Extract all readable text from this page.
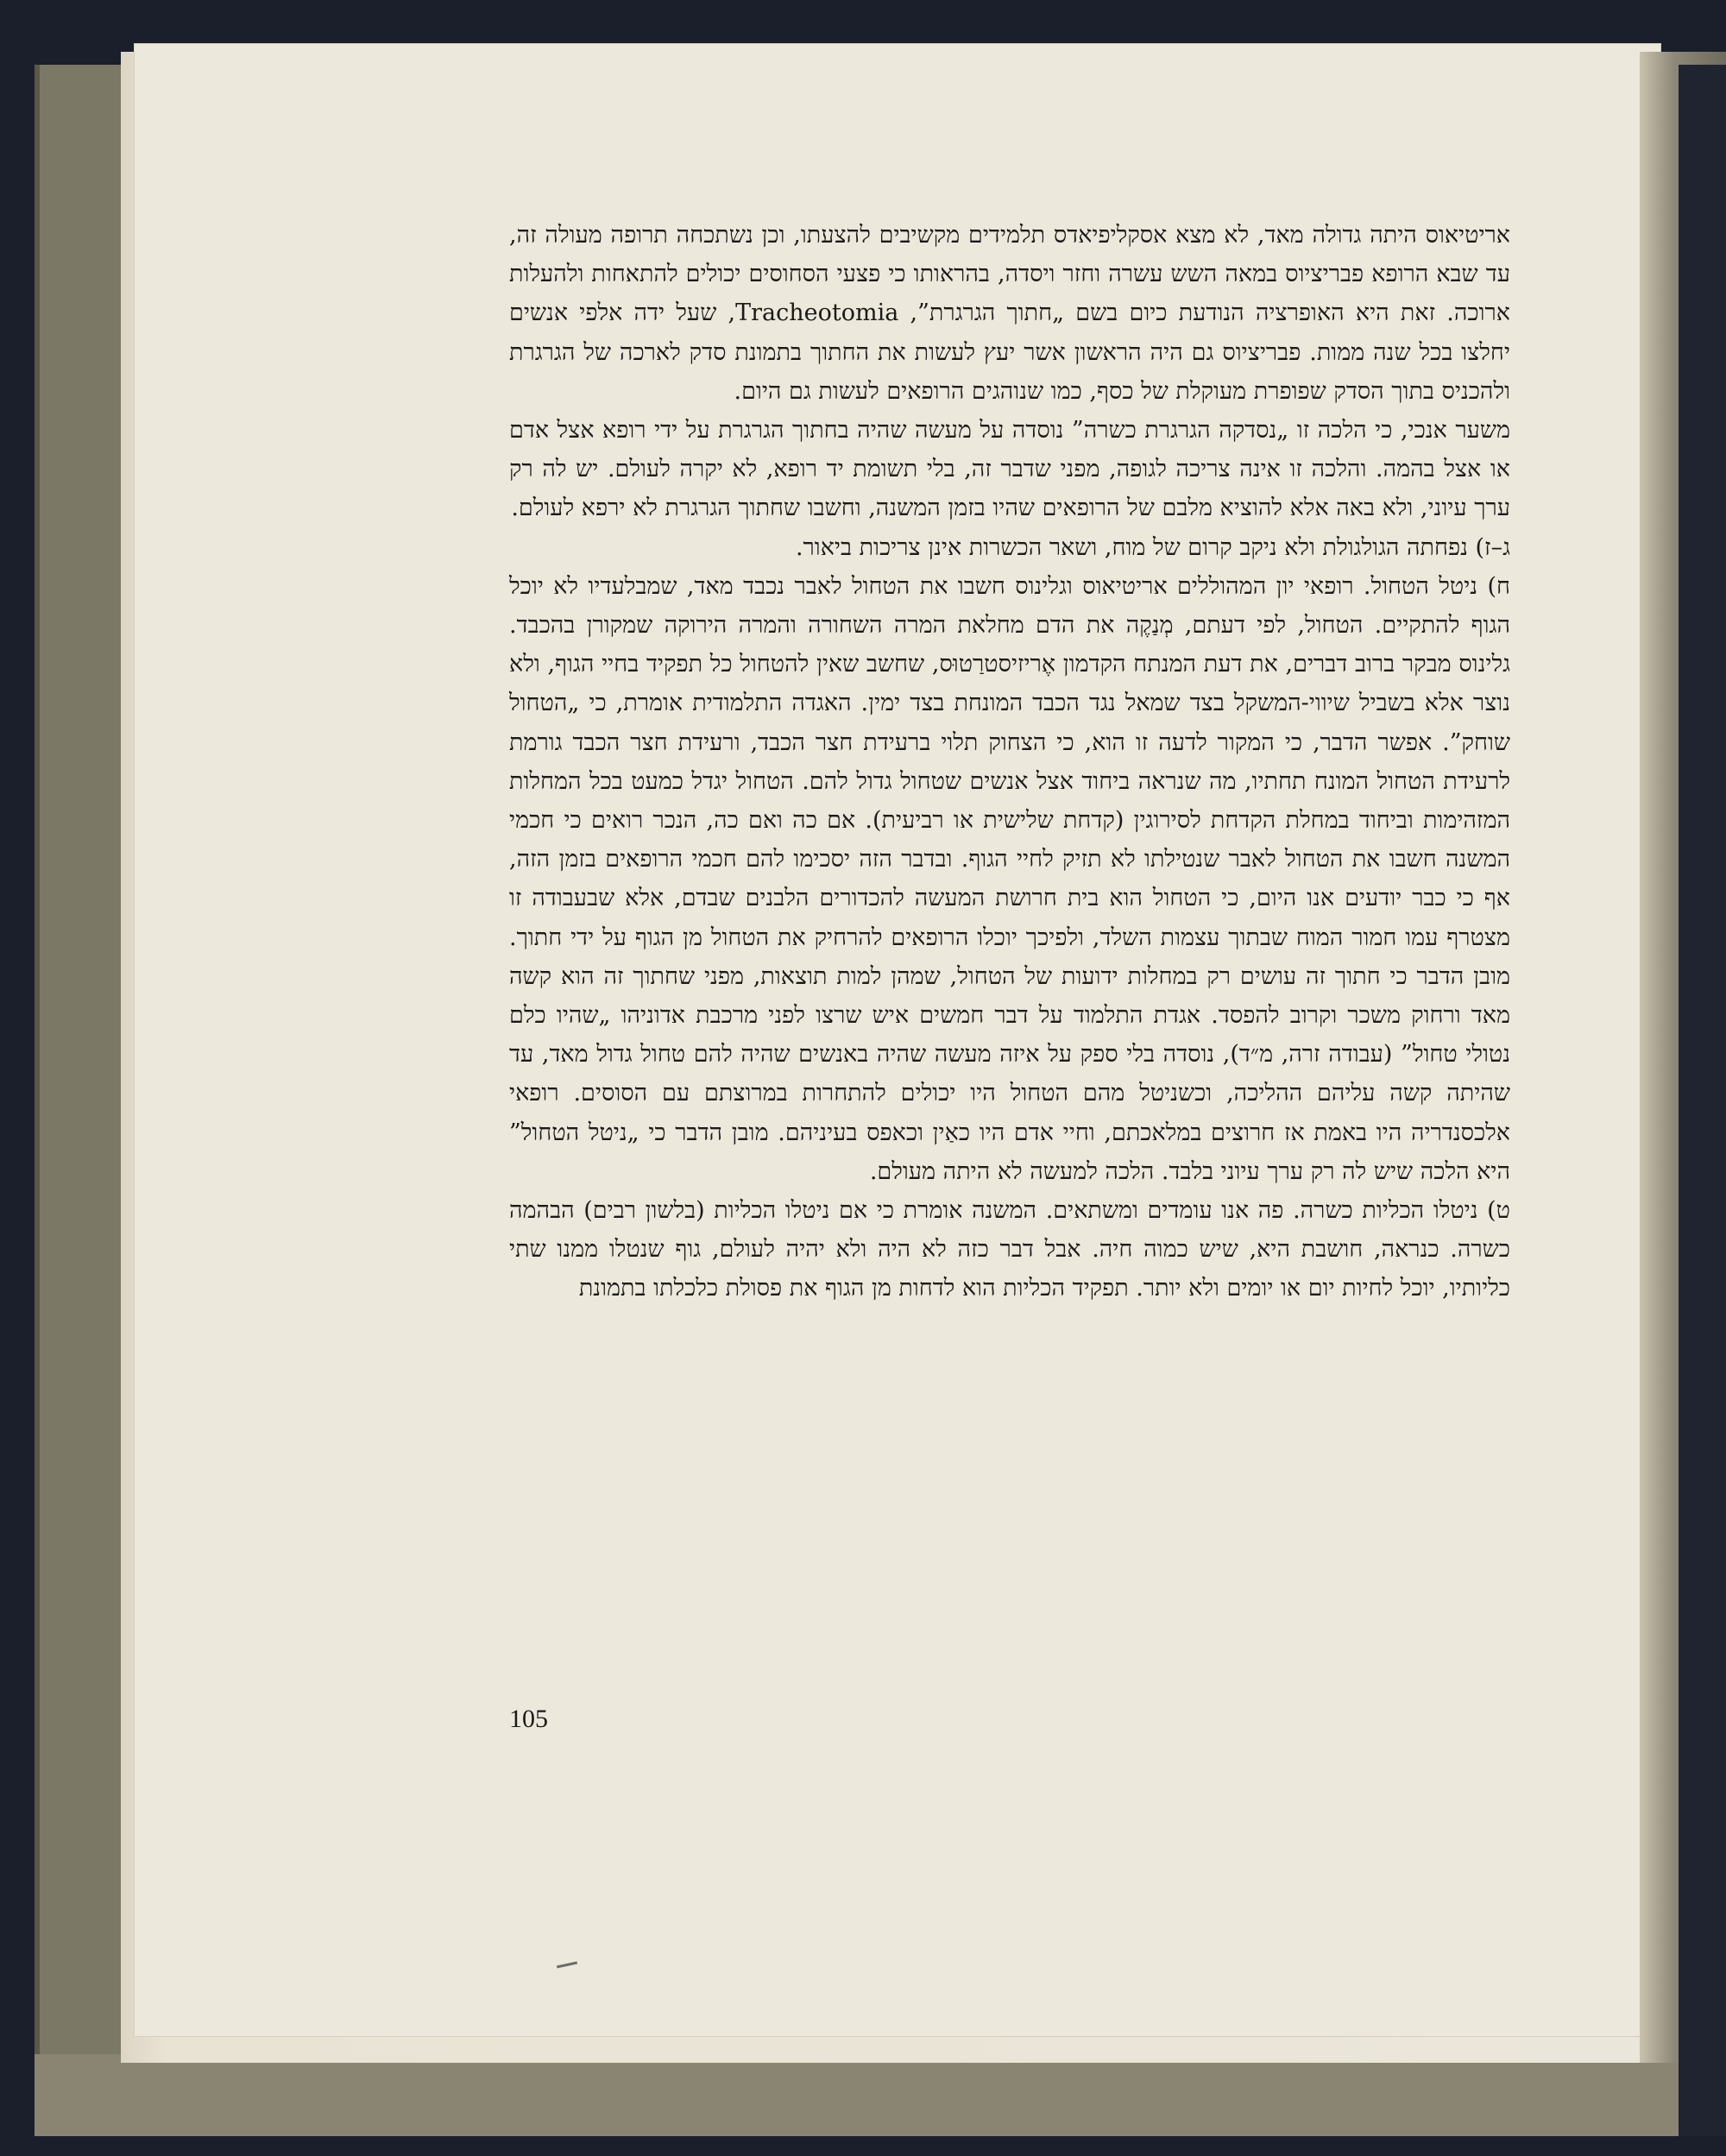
אריטיאוס היתה גדולה מאד, לא מצא אסקליפיאדס תלמידים מקשיבים להצעתו, וכן נשתכחה תרופה מעולה זה, עד שבא הרופא פבריציוס במאה השש עשרה וחזר ויסדה, בהראותו כי פצעי הסחוסים יכולים להתאחות ולהעלות ארוכה. זאת היא האופרציה הנודעת כיום בשם „חתוך הגרגרת”, Tracheotomia, שעל ידה אלפי אנשים יחלצו בכל שנה ממות. פבריציוס גם היה הראשון אשר יעץ לעשות את החתוך בתמונת סדק לארכה של הגרגרת ולהכניס בתוך הסדק שפופרת מעוקלת של כסף, כמו שנוהגים הרופאים לעשות גם היום.

משער אנכי, כי הלכה זו „נסדקה הגרגרת כשרה” נוסדה על מעשה שהיה בחתוך הגרגרת על ידי רופא אצל אדם או אצל בהמה. והלכה זו אינה צריכה לגופה, מפני שדבר זה, בלי תשומת יד רופא, לא יקרה לעולם. יש לה רק ערך עיוני, ולא באה אלא להוציא מלבם של הרופאים שהיו בזמן המשנה, וחשבו שחתוך הגרגרת לא ירפא לעולם.

ג–ז) נפחתה הגולגולת ולא ניקב קרום של מוח, ושאר הכשרות אינן צריכות ביאור.

ח) ניטל הטחול. רופאי יון המהוללים אריטיאוס וגלינוס חשבו את הטחול לאבר נכבד מאד, שמבלעדיו לא יוכל הגוף להתקיים. הטחול, לפי דעתם, מְנַקֶה את הדם מחלאת המרה השחורה והמרה הירוקה שמקורן בהכבד. גלינוס מבקר ברוב דברים, את דעת המנתח הקדמון אֶריזיסטרַטוּס, שחשב שאין להטחול כל תפקיד בחיי הגוף, ולא נוצר אלא בשביל שיווי-המשקל בצד שמאל נגד הכבד המונחת בצד ימין. האגדה התלמודית אומרת, כי „הטחול שוחק”. אפשר הדבר, כי המקור לדעה זו הוא, כי הצחוק תלוי ברעידת חצר הכבד, ורעידת חצר הכבד גורמת לרעידת הטחול המונח תחתיו, מה שנראה ביחוד אצל אנשים שטחול גדול להם. הטחול יגדל כמעט בכל המחלות המזהימות וביחוד במחלת הקדחת לסירוגין (קדחת שלישית או רביעית). אם כה ואם כה, הנכר רואים כי חכמי המשנה חשבו את הטחול לאבר שנטילתו לא תזיק לחיי הגוף. ובדבר הזה יסכימו להם חכמי הרופאים בזמן הזה, אף כי כבר יודעים אנו היום, כי הטחול הוא בית חרושת המעשה להכדורים הלבנים שבדם, אלא שבעבודה זו מצטרף עמו חמור המוח שבתוך עצמות השלד, ולפיכך יוכלו הרופאים להרחיק את הטחול מן הגוף על ידי חתוך. מובן הדבר כי חתוך זה עושים רק במחלות ידועות של הטחול, שמהן למות תוצאות, מפני שחתוך זה הוא קשה מאד ורחוק משכר וקרוב להפסד. אגדת התלמוד על דבר חמשים איש שרצו לפני מרכבת אדוניהו „שהיו כלם נטולי טחול” (עבודה זרה, מ״ד), נוסדה בלי ספק על איזה מעשה שהיה באנשים שהיה להם טחול גדול מאד, עד שהיתה קשה עליהם ההליכה, וכשניטל מהם הטחול היו יכולים להתחרות במרוצתם עם הסוסים. רופאי אלכסנדריה היו באמת אז חרוצים במלאכתם, וחיי אדם היו כאַין וכאפס בעיניהם. מובן הדבר כי „ניטל הטחול” היא הלכה שיש לה רק ערך עיוני בלבד. הלכה למעשה לא היתה מעולם.

ט) ניטלו הכליות כשרה. פה אנו עומדים ומשתאים. המשנה אומרת כי אם ניטלו הכליות (בלשון רבים) הבהמה כשרה. כנראה, חושבת היא, שיש כמוה חיה. אבל דבר כזה לא היה ולא יהיה לעולם, גוף שנטלו ממנו שתי כליותיו, יוכל לחיות יום או יומים ולא יותר. תפקיד הכליות הוא לדחות מן הגוף את פסולת כלכלתו בתמונת

105
